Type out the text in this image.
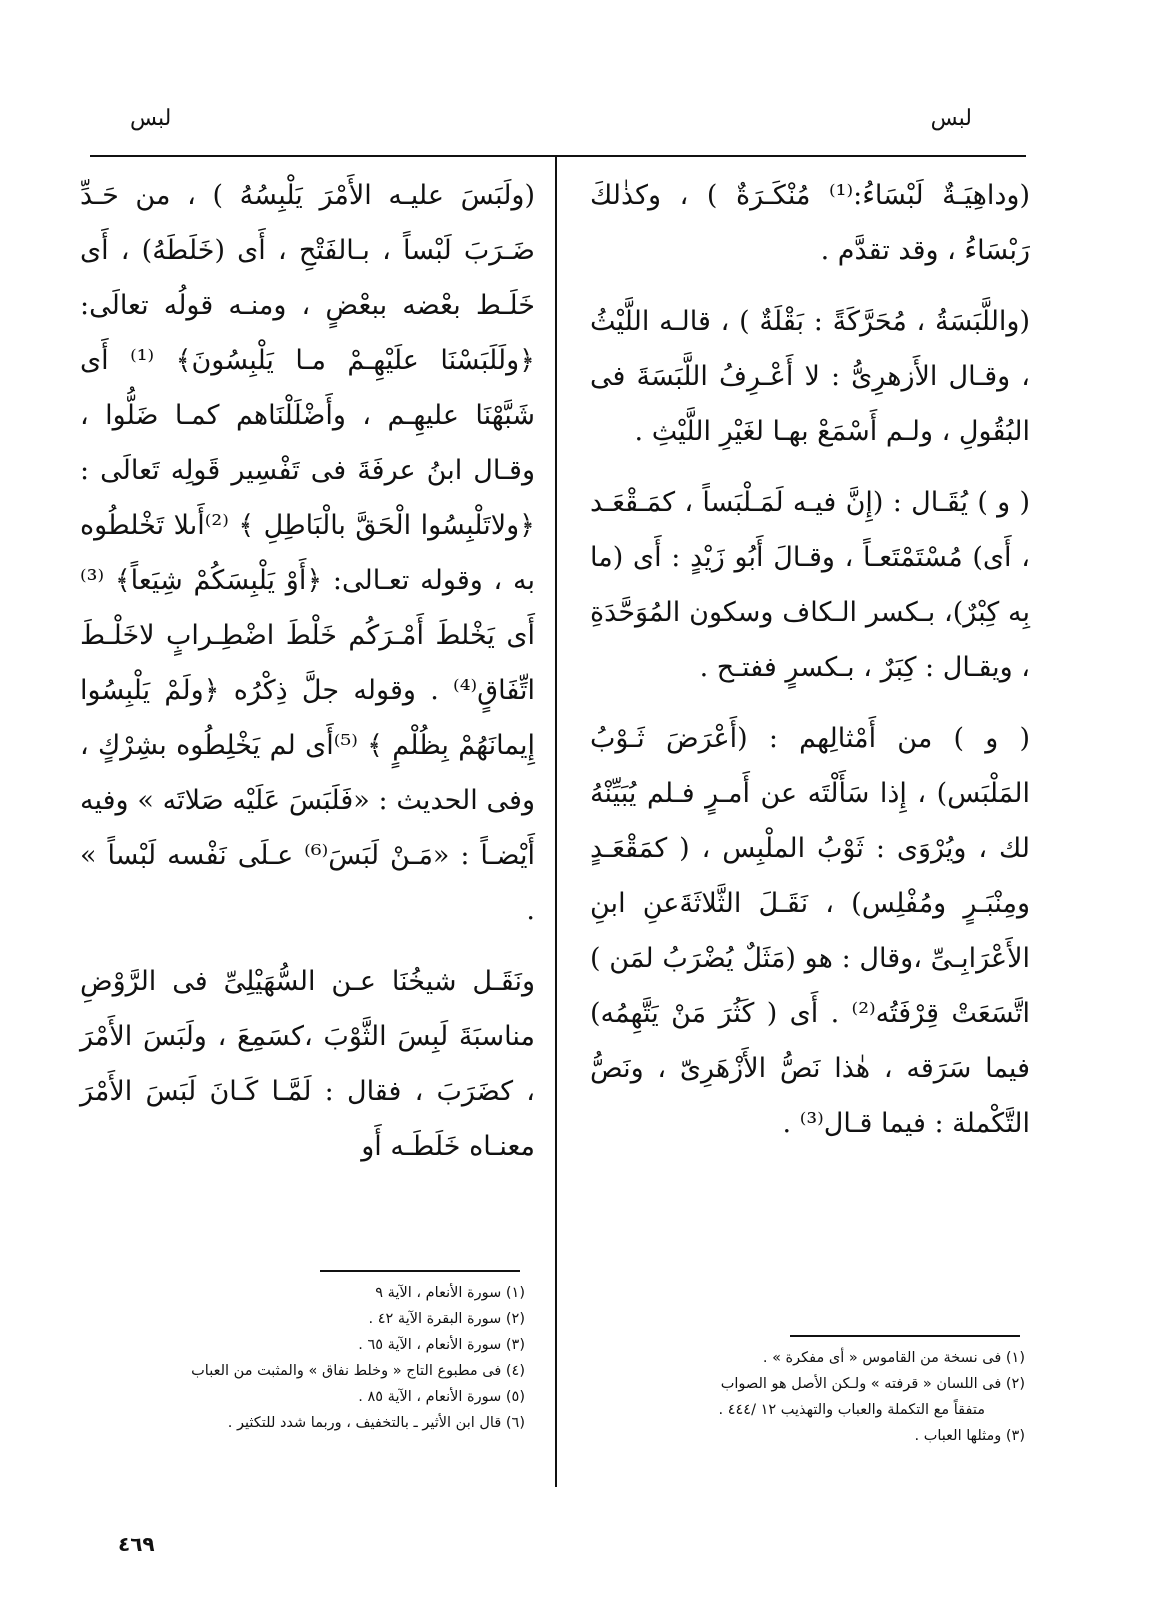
لبس
لبس

(وداهِيَـةٌ لَبْسَاءُ:⁽¹⁾ مُنْكَـرَةٌ ) ، وكذٰلكَ رَبْسَاءُ ، وقد تقدَّم .

(واللَّبَسَةُ ، مُحَرَّكَةً : بَقْلَةٌ ) ، قالـه اللَّيْثُ ، وقـال الأَزهرِىُّ : لا أَعْـرِفُ اللَّبَسَةَ فى البُقُولِ ، ولـم أَسْمَعْ بهـا لغَيْرِ اللَّيْثِ .

( و ) يُقَـال : (إِنَّ فيـه لَمَـلْبَساً ، كمَـقْعَـد ، أَى) مُسْتَمْتَعـاً ، وقـالَ أَبُو زَيْدٍ : أَى (ما بِه كِبْرٌ)، بـكسر الـكاف وسكون المُوَحَّدَةِ ، ويقـال : كِبَرٌ ، بـكسرٍ ففتـح .

( و ) من أَمْثالِهم : (أَعْرَضَ ثَـوْبُ المَلْبَس) ، إِذا سَأَلْتَه عن أَمـرٍ فـلم يُبَيِّنْهُ لك ، ويُرْوَى : ثَوْبُ الملْبِس ، ( كمَقْعَـدٍ ومِنْبَـرٍ ومُفْلِس) ، نَقَـلَ الثَّلاثَةَعنِ ابنِ الأَعْرَابِـىِّ ،وقال : هو (مَثَلٌ يُضْرَبُ لمَن ) اتَّسَعَتْ قِرْفَتُه⁽²⁾ . أَى ( كَثُرَ مَنْ يَتَّهِمُه) فيما سَرَقه ، هٰذا نَصُّ الأَزْهَرِىّ ، ونَصُّ التَّكْملة : فيما قـال⁽³⁾ .

(ولَبَسَ عليـه الأَمْرَ يَلْبِسُهُ ) ، من حَـدِّ ضَـرَبَ لَبْساً ، بـالفَتْحِ ، أَى (خَلَطَهُ) ، أَى خَلَـط بعْضه ببعْضٍ ، ومنـه قولُه تعالَى: ﴿ولَلَبَسْنَا علَيْهِـمْ مـا يَلْبِسُونَ﴾ ⁽¹⁾ أَى شَبَّهْنَا عليهِـم ، وأَضْلَلْنَاهم كمـا ضَلُّوا ، وقـال ابنُ عرفَةَ فى تَفْسِير قَولِه تَعالَى :﴿ولاتَلْبِسُوا الْحَقَّ بالْبَاطِلِ ﴾ ⁽²⁾أَىلا تَخْلطُوه به ، وقوله تعـالى: ﴿أَوْ يَلْبِسَكُمْ شِيَعاً﴾ ⁽³⁾ أَى يَخْلطَ أَمْـرَكُم خَلْطَ اضْطِـرابٍ لاخَلْـطَ اتِّفَاقٍ⁽⁴⁾ . وقوله جلَّ ذِكْرُه ﴿ولَمْ يَلْبِسُوا إِيمانَهُمْ بِظُلْمٍ ﴾ ⁽⁵⁾أَى لم يَخْلِطُوه بشِرْكٍ ، وفى الحديث : «فَلَبَسَ عَلَيْه صَلاتَه » وفيه أَيْضـاً : «مَـنْ لَبَسَ⁽⁶⁾ عـلَى نَفْسه لَبْساً » .

ونَقَـل شيخُنَا عـن السُّهَيْلِىِّ فى الرَّوْضِ مناسبَةَ لَبِسَ الثَّوْبَ ،كسَمِعَ ، ولَبَسَ الأَمْرَ ، كضَرَبَ ، فقال : لَمَّـا كَـانَ لَبَسَ الأَمْرَ معنـاه خَلَطَـه أَو

(١) فى نسخة من القاموس « أى مفكرة » .

(٢) فى اللسان « قرفته » ولـكن الأصل هو الصواب

متفقاً مع التكملة والعباب والتهذيب ١٢ /٤٤٤ .

(٣) ومثلها العباب .

(١) سورة الأنعام ، الآية ٩

(٢) سورة البقرة الآية ٤٢ .

(٣) سورة الأنعام ، الآية ٦٥ .

(٤) فى مطبوع التاج « وخلط نفاق » والمثبت من العباب

(٥) سورة الأنعام ، الآية ٨٥ .

(٦) قال ابن الأثير ـ بالتخفيف ، وربما شدد للتكثير .

٤٦٩
